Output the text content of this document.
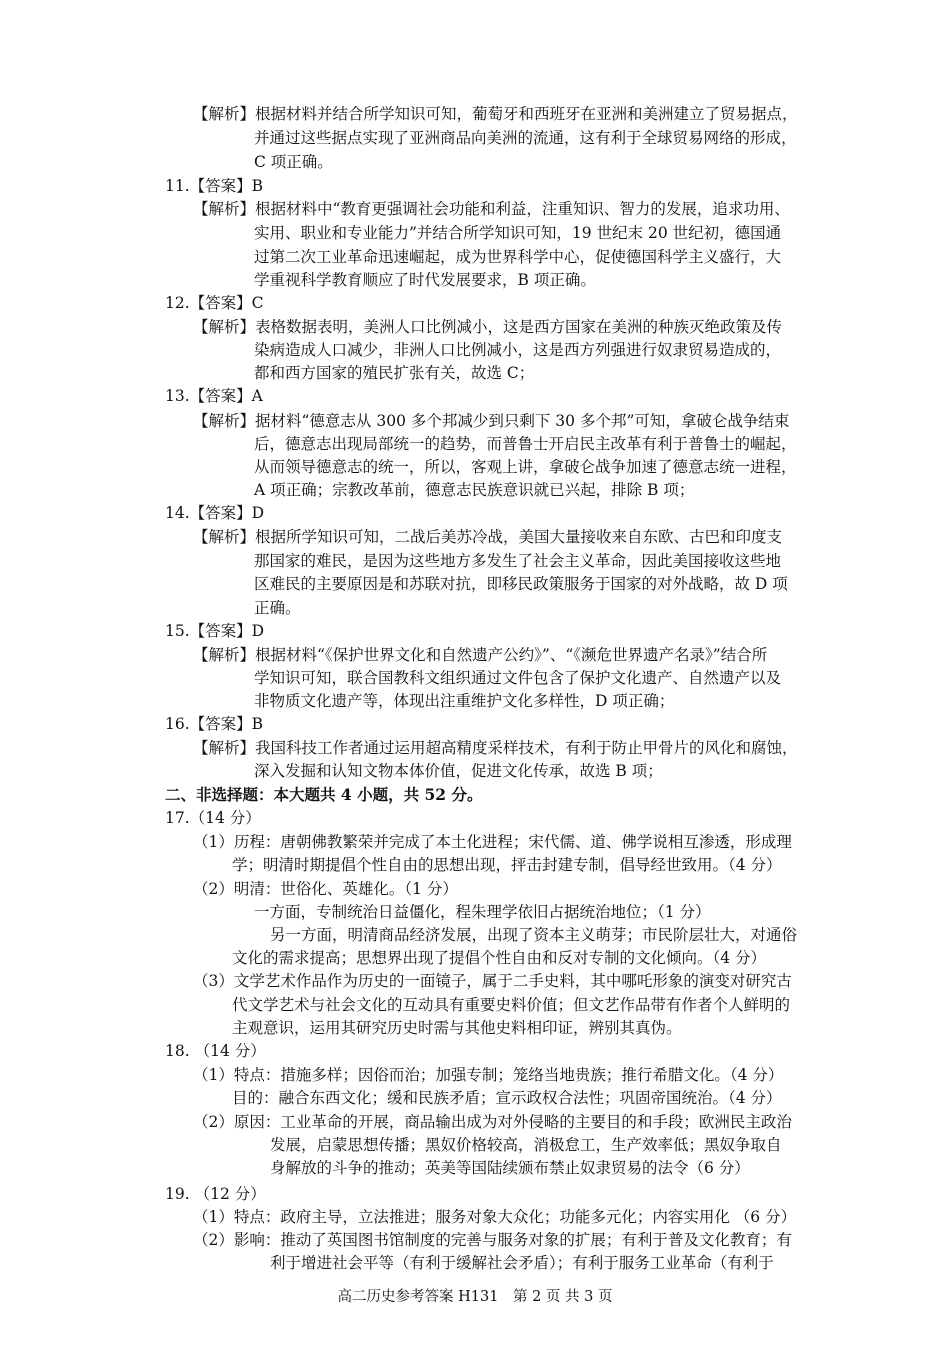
【解析】根据材料并结合所学知识可知，葡萄牙和西班牙在亚洲和美洲建立了贸易据点，
并通过这些据点实现了亚洲商品向美洲的流通，这有利于全球贸易网络的形成，
C 项正确。
11.【答案】B
【解析】根据材料中“教育更强调社会功能和利益，注重知识、智力的发展，追求功用、
实用、职业和专业能力”并结合所学知识可知，19 世纪末 20 世纪初，德国通
过第二次工业革命迅速崛起，成为世界科学中心，促使德国科学主义盛行，大
学重视科学教育顺应了时代发展要求，B 项正确。
12.【答案】C
【解析】表格数据表明，美洲人口比例减小，这是西方国家在美洲的种族灭绝政策及传
染病造成人口减少，非洲人口比例减小，这是西方列强进行奴隶贸易造成的，
都和西方国家的殖民扩张有关，故选 C；
13.【答案】A
【解析】据材料“德意志从 300 多个邦减少到只剩下 30 多个邦”可知，拿破仑战争结束
后，德意志出现局部统一的趋势，而普鲁士开启民主改革有利于普鲁士的崛起，
从而领导德意志的统一，所以，客观上讲，拿破仑战争加速了德意志统一进程，
A 项正确；宗教改革前，德意志民族意识就已兴起，排除 B 项；
14.【答案】D
【解析】根据所学知识可知，二战后美苏冷战，美国大量接收来自东欧、古巴和印度支
那国家的难民，是因为这些地方多发生了社会主义革命，因此美国接收这些地
区难民的主要原因是和苏联对抗，即移民政策服务于国家的对外战略，故 D 项
正确。
15.【答案】D
【解析】根据材料“《保护世界文化和自然遗产公约》”、“《濒危世界遗产名录》”结合所
学知识可知，联合国教科文组织通过文件包含了保护文化遗产、自然遗产以及
非物质文化遗产等，体现出注重维护文化多样性，D 项正确；
16.【答案】B
【解析】我国科技工作者通过运用超高精度采样技术，有利于防止甲骨片的风化和腐蚀，
深入发掘和认知文物本体价值，促进文化传承，故选 B 项；
二、非选择题：本大题共 4 小题，共 52 分。
17.（14 分）
（1）历程：唐朝佛教繁荣并完成了本土化进程；宋代儒、道、佛学说相互渗透，形成理
学；明清时期提倡个性自由的思想出现，抨击封建专制，倡导经世致用。（4 分）
（2）明清：世俗化、英雄化。（1 分）
一方面，专制统治日益僵化，程朱理学依旧占据统治地位；（1 分）
另一方面，明清商品经济发展，出现了资本主义萌芽；市民阶层壮大，对通俗
文化的需求提高；思想界出现了提倡个性自由和反对专制的文化倾向。（4 分）
（3）文学艺术作品作为历史的一面镜子，属于二手史料，其中哪吒形象的演变对研究古
代文学艺术与社会文化的互动具有重要史料价值；但文艺作品带有作者个人鲜明的
主观意识，运用其研究历史时需与其他史料相印证，辨别其真伪。
18. （14 分）
（1）特点：措施多样；因俗而治；加强专制；笼络当地贵族；推行希腊文化。（4 分）
目的：融合东西文化；缓和民族矛盾；宣示政权合法性；巩固帝国统治。（4 分）
（2）原因：工业革命的开展，商品输出成为对外侵略的主要目的和手段；欧洲民主政治
发展，启蒙思想传播；黑奴价格较高，消极怠工，生产效率低；黑奴争取自
身解放的斗争的推动；英美等国陆续颁布禁止奴隶贸易的法令（6 分）
19. （12 分）
（1）特点：政府主导，立法推进；服务对象大众化；功能多元化；内容实用化 （6 分）
（2）影响：推动了英国图书馆制度的完善与服务对象的扩展；有利于普及文化教育；有
利于增进社会平等（有利于缓解社会矛盾）；有利于服务工业革命（有利于
高二历史参考答案 H131　第 2 页 共 3 页
